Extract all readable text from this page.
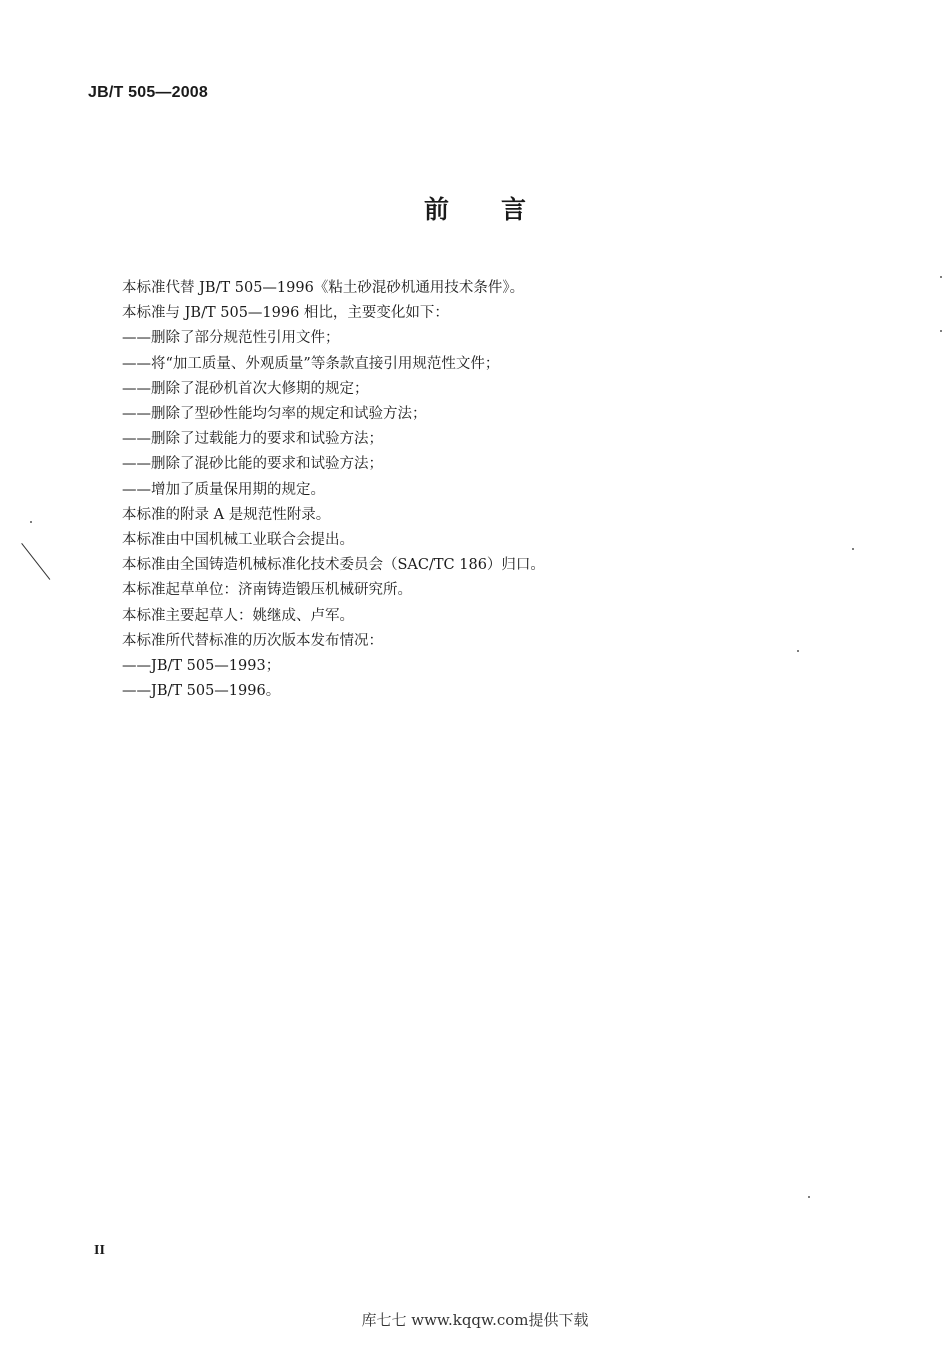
JB/T 505—2008
前 言
本标准代替 JB/T 505—1996《粘土砂混砂机通用技术条件》。
本标准与 JB/T 505—1996 相比，主要变化如下：
——删除了部分规范性引用文件；
——将“加工质量、外观质量”等条款直接引用规范性文件；
——删除了混砂机首次大修期的规定；
——删除了型砂性能均匀率的规定和试验方法；
——删除了过载能力的要求和试验方法；
——删除了混砂比能的要求和试验方法；
——增加了质量保用期的规定。
本标准的附录 A 是规范性附录。
本标准由中国机械工业联合会提出。
本标准由全国铸造机械标准化技术委员会（SAC/TC 186）归口。
本标准起草单位：济南铸造锻压机械研究所。
本标准主要起草人：姚继成、卢军。
本标准所代替标准的历次版本发布情况：
——JB/T 505—1993；
——JB/T 505—1996。
II
库七七 www.kqqw.com提供下载
